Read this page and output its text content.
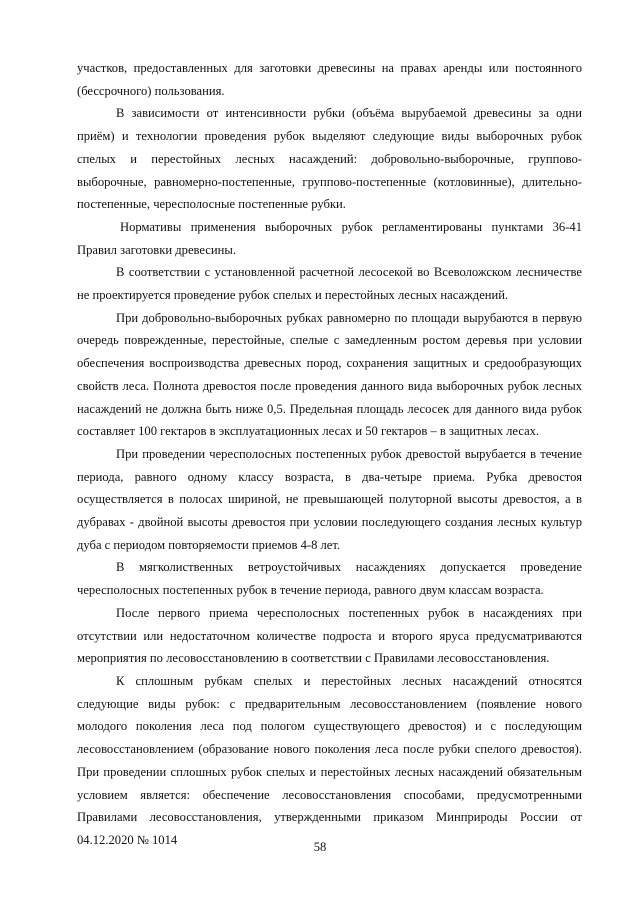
участков, предоставленных для заготовки древесины на правах аренды или постоянного (бессрочного) пользования.

В зависимости от интенсивности рубки (объёма вырубаемой древесины за одни приём) и технологии проведения рубок выделяют следующие виды выборочных рубок спелых и перестойных лесных насаждений: добровольно-выборочные, группово-выборочные, равномерно-постепенные, группово-постепенные (котловинные), длительно-постепенные, чересполосные постепенные рубки.

Нормативы применения выборочных рубок регламентированы пунктами 36-41 Правил заготовки древесины.

В соответствии с установленной расчетной лесосекой во Всеволожском лесничестве не проектируется проведение рубок спелых и перестойных лесных насаждений.

При добровольно-выборочных рубках равномерно по площади вырубаются в первую очередь поврежденные, перестойные, спелые с замедленным ростом деревья при условии обеспечения воспроизводства древесных пород, сохранения защитных и средообразующих свойств леса. Полнота древостоя после проведения данного вида выборочных рубок лесных насаждений не должна быть ниже 0,5. Предельная площадь лесосек для данного вида рубок составляет 100 гектаров в эксплуатационных лесах и 50 гектаров – в защитных лесах.

При проведении чересполосных постепенных рубок древостой вырубается в течение периода, равного одному классу возраста, в два-четыре приема. Рубка древостоя осуществляется в полосах шириной, не превышающей полуторной высоты древостоя, а в дубравах - двойной высоты древостоя при условии последующего создания лесных культур дуба с периодом повторяемости приемов 4-8 лет.

В мягколиственных ветроустойчивых насаждениях допускается проведение чересполосных постепенных рубок в течение периода, равного двум классам возраста.

После первого приема чересполосных постепенных рубок в насаждениях при отсутствии или недостаточном количестве подроста и второго яруса предусматриваются мероприятия по лесовосстановлению в соответствии с Правилами лесовосстановления.

К сплошным рубкам спелых и перестойных лесных насаждений относятся следующие виды рубок: с предварительным лесовосстановлением (появление нового молодого поколения леса под пологом существующего древостоя) и с последующим лесовосстановлением (образование нового поколения леса после рубки спелого древостоя). При проведении сплошных рубок спелых и перестойных лесных насаждений обязательным условием является: обеспечение лесовосстановления способами, предусмотренными Правилами лесовосстановления, утвержденными приказом Минприроды России от 04.12.2020 № 1014

58
